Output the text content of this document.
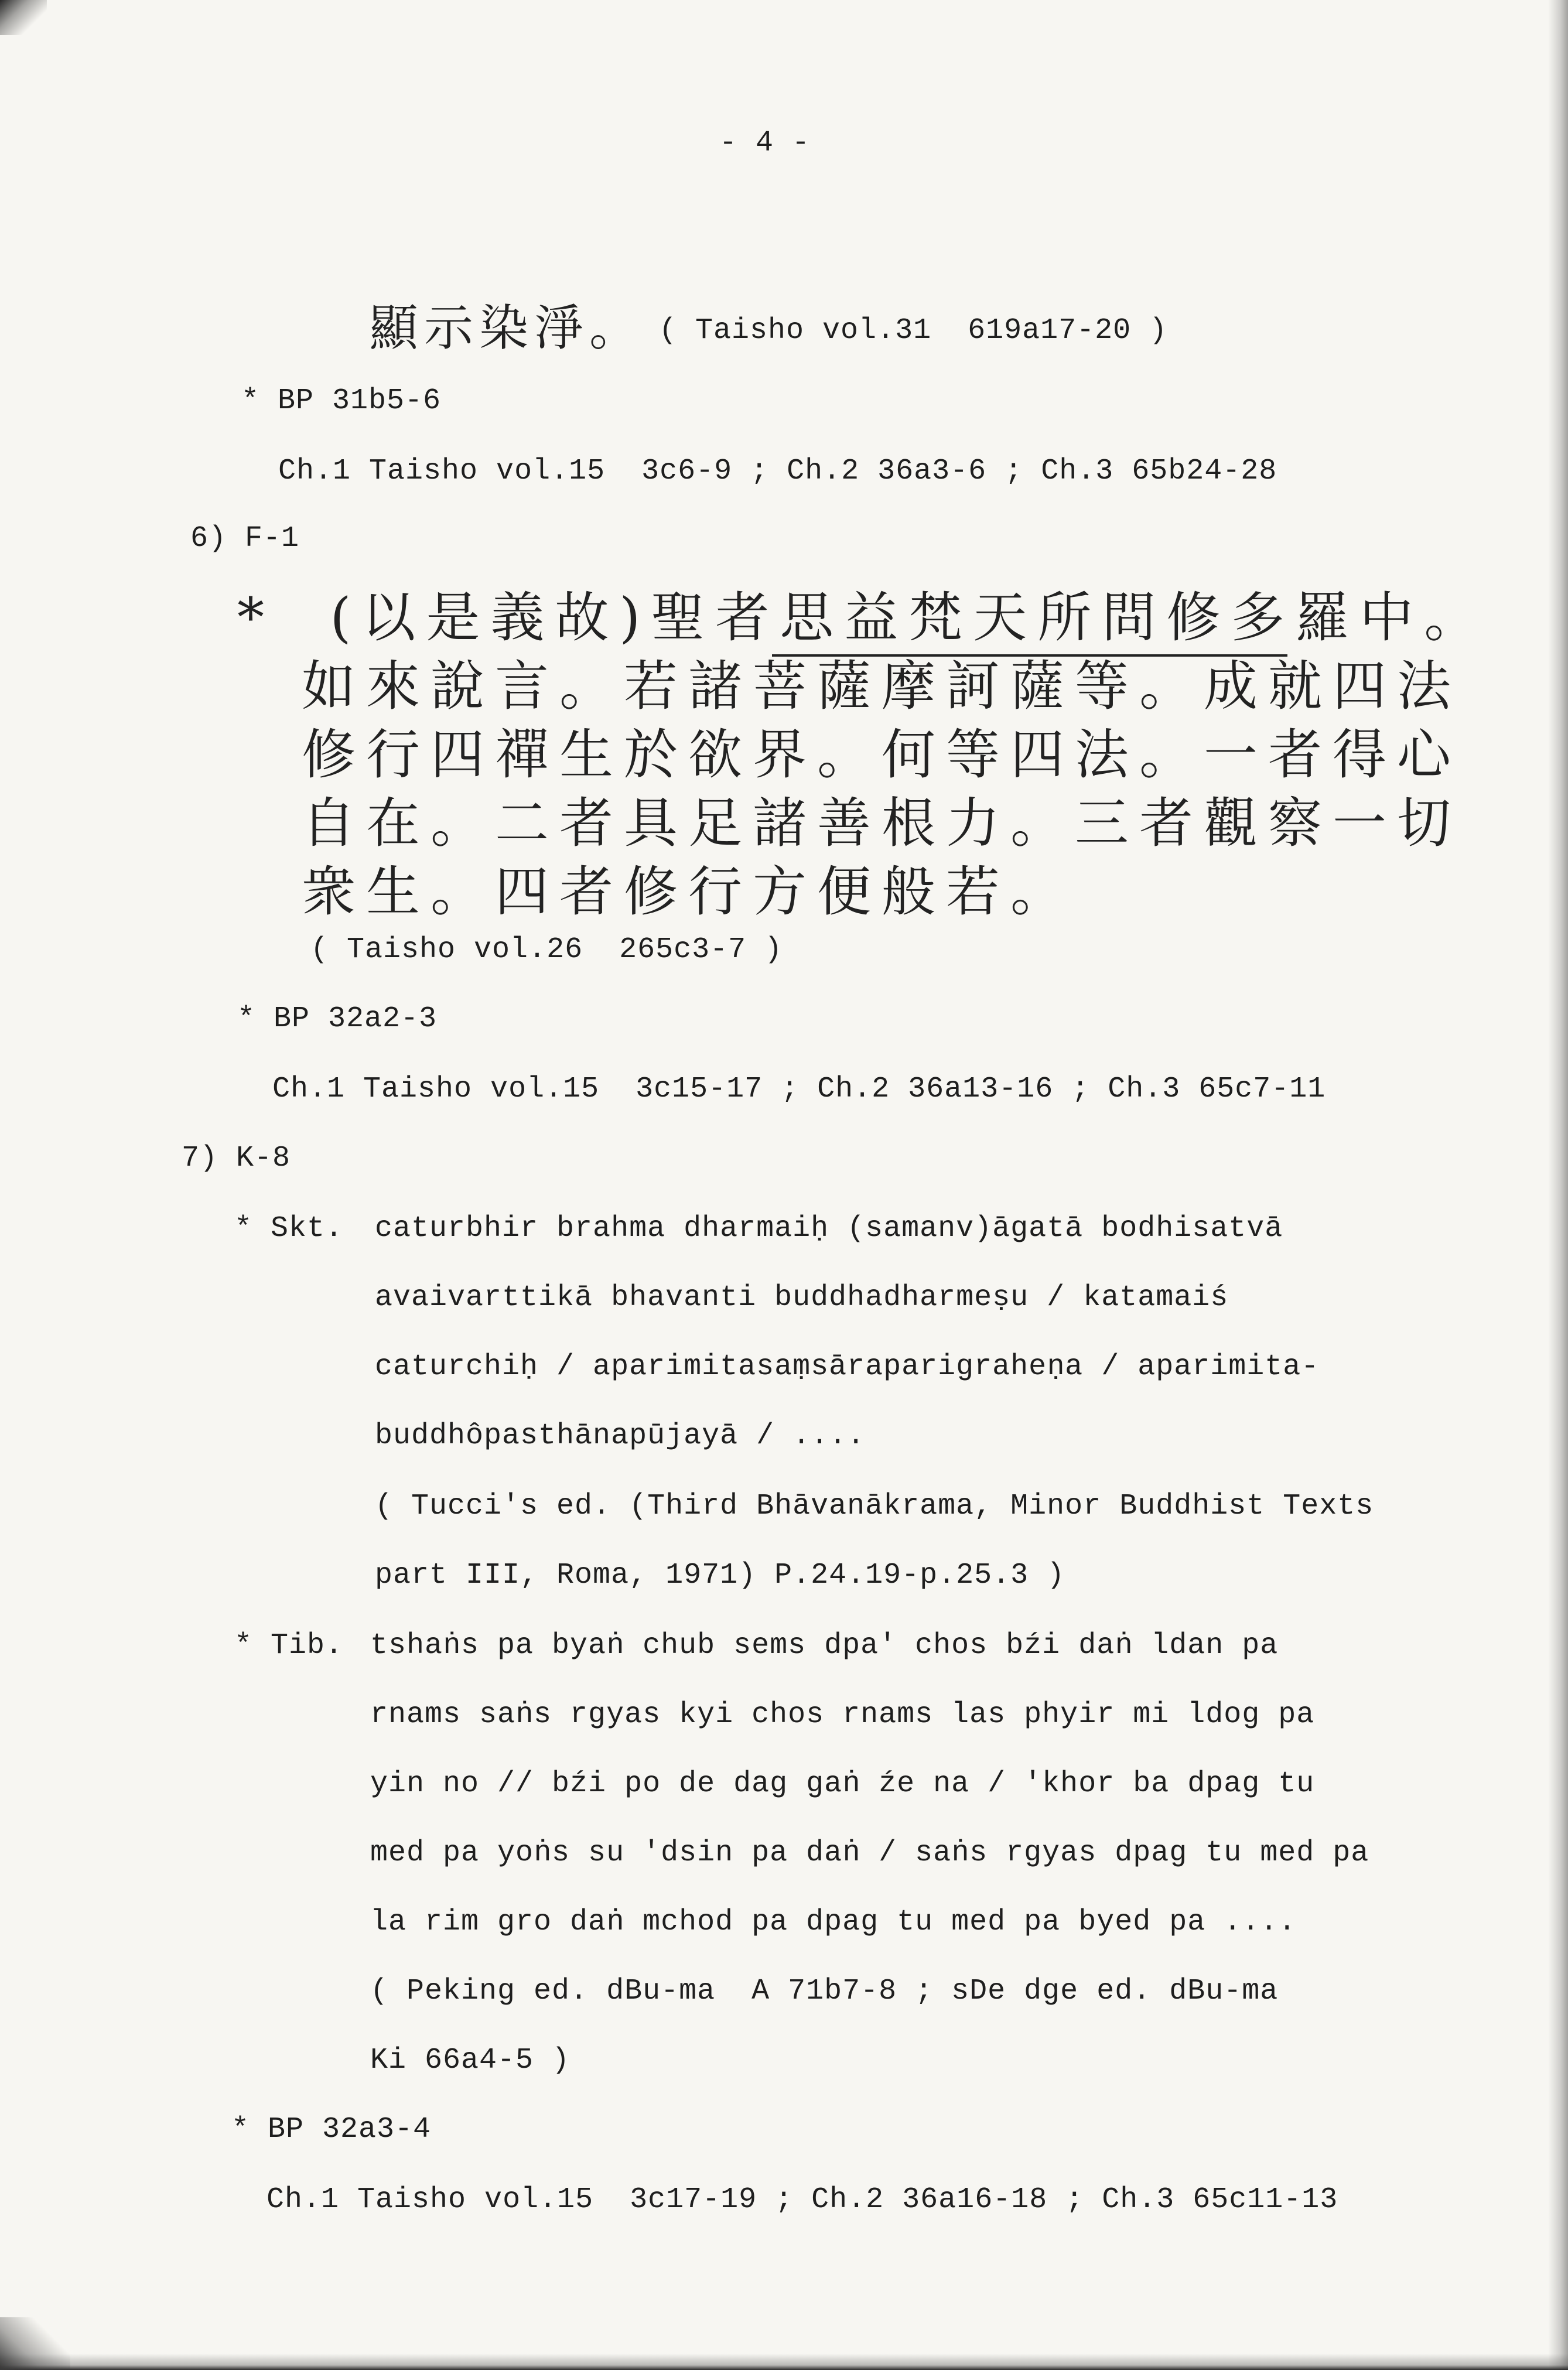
- 4 -
顯示染淨。 ( Taisho vol.31  619a17-20 )
* BP 31b5-6
Ch.1 Taisho vol.15  3c6-9 ; Ch.2 36a3-6 ; Ch.3 65b24-28
6) F-1
*  (以是義故)聖者思益梵天所問修多羅中。
如來說言。若諸菩薩摩訶薩等。成就四法
修行四禪生於欲界。何等四法。一者得心
自在。二者具足諸善根力。三者觀察一切
衆生。四者修行方便般若。
( Taisho vol.26  265c3-7 )
* BP 32a2-3
Ch.1 Taisho vol.15  3c15-17 ; Ch.2 36a13-16 ; Ch.3 65c7-11
7) K-8
* Skt. caturbhir brahma dharmaiḥ (samanv)āgatā bodhisatvā
avaivarttikā bhavanti buddhadharmeṣu / katamaiś
caturchiḥ / aparimitasaṃsāraparigraheṇa / aparimita-
buddhôpasthānapūjayā / ....
( Tucci's ed. (Third Bhāvanākrama, Minor Buddhist Texts
part III, Roma, 1971) P.24.19-p.25.3 )
* Tib. tshaṅs pa byaṅ chub sems dpa' chos bźi daṅ ldan pa
rnams saṅs rgyas kyi chos rnams las phyir mi ldog pa
yin no // bźi po de dag gaṅ źe na / 'khor ba dpag tu
med pa yoṅs su 'dsin pa daṅ / saṅs rgyas dpag tu med pa
la rim gro daṅ mchod pa dpag tu med pa byed pa ....
( Peking ed. dBu-ma  A 71b7-8 ; sDe dge ed. dBu-ma
Ki 66a4-5 )
* BP 32a3-4
Ch.1 Taisho vol.15  3c17-19 ; Ch.2 36a16-18 ; Ch.3 65c11-13
